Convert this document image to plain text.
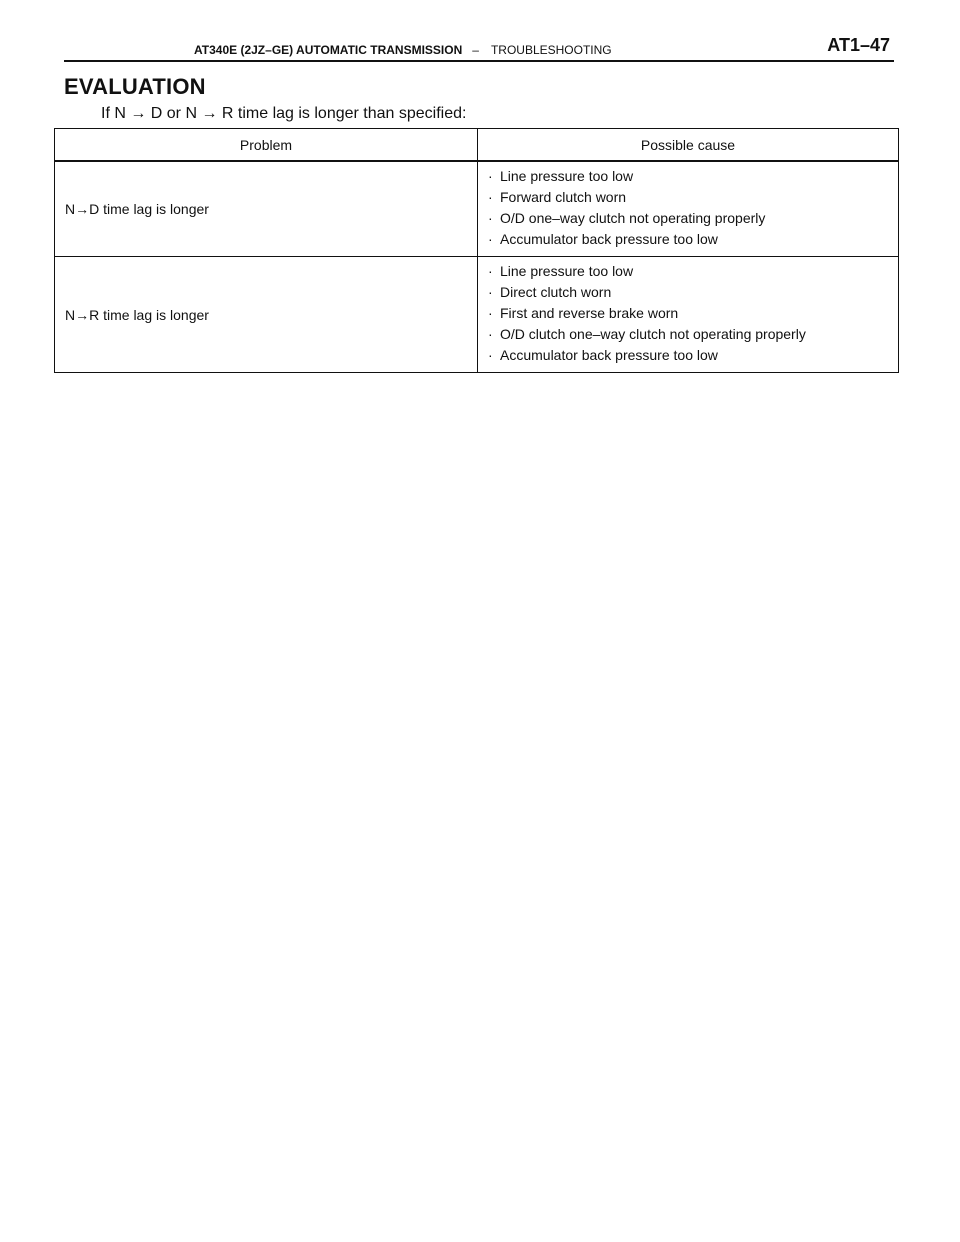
AT340E (2JZ–GE) AUTOMATIC TRANSMISSION – TROUBLESHOOTING	AT1–47
EVALUATION
If N → D or N → R time lag is longer than specified:
Problem	Possible cause
N→D time lag is longer	· Line pressure too low
· Forward clutch worn
· O/D one–way clutch not operating properly
· Accumulator back pressure too low

N→R time lag is longer	· Line pressure too low
· Direct clutch worn
· First and reverse brake worn
· O/D clutch one–way clutch not operating properly
· Accumulator back pressure too low
